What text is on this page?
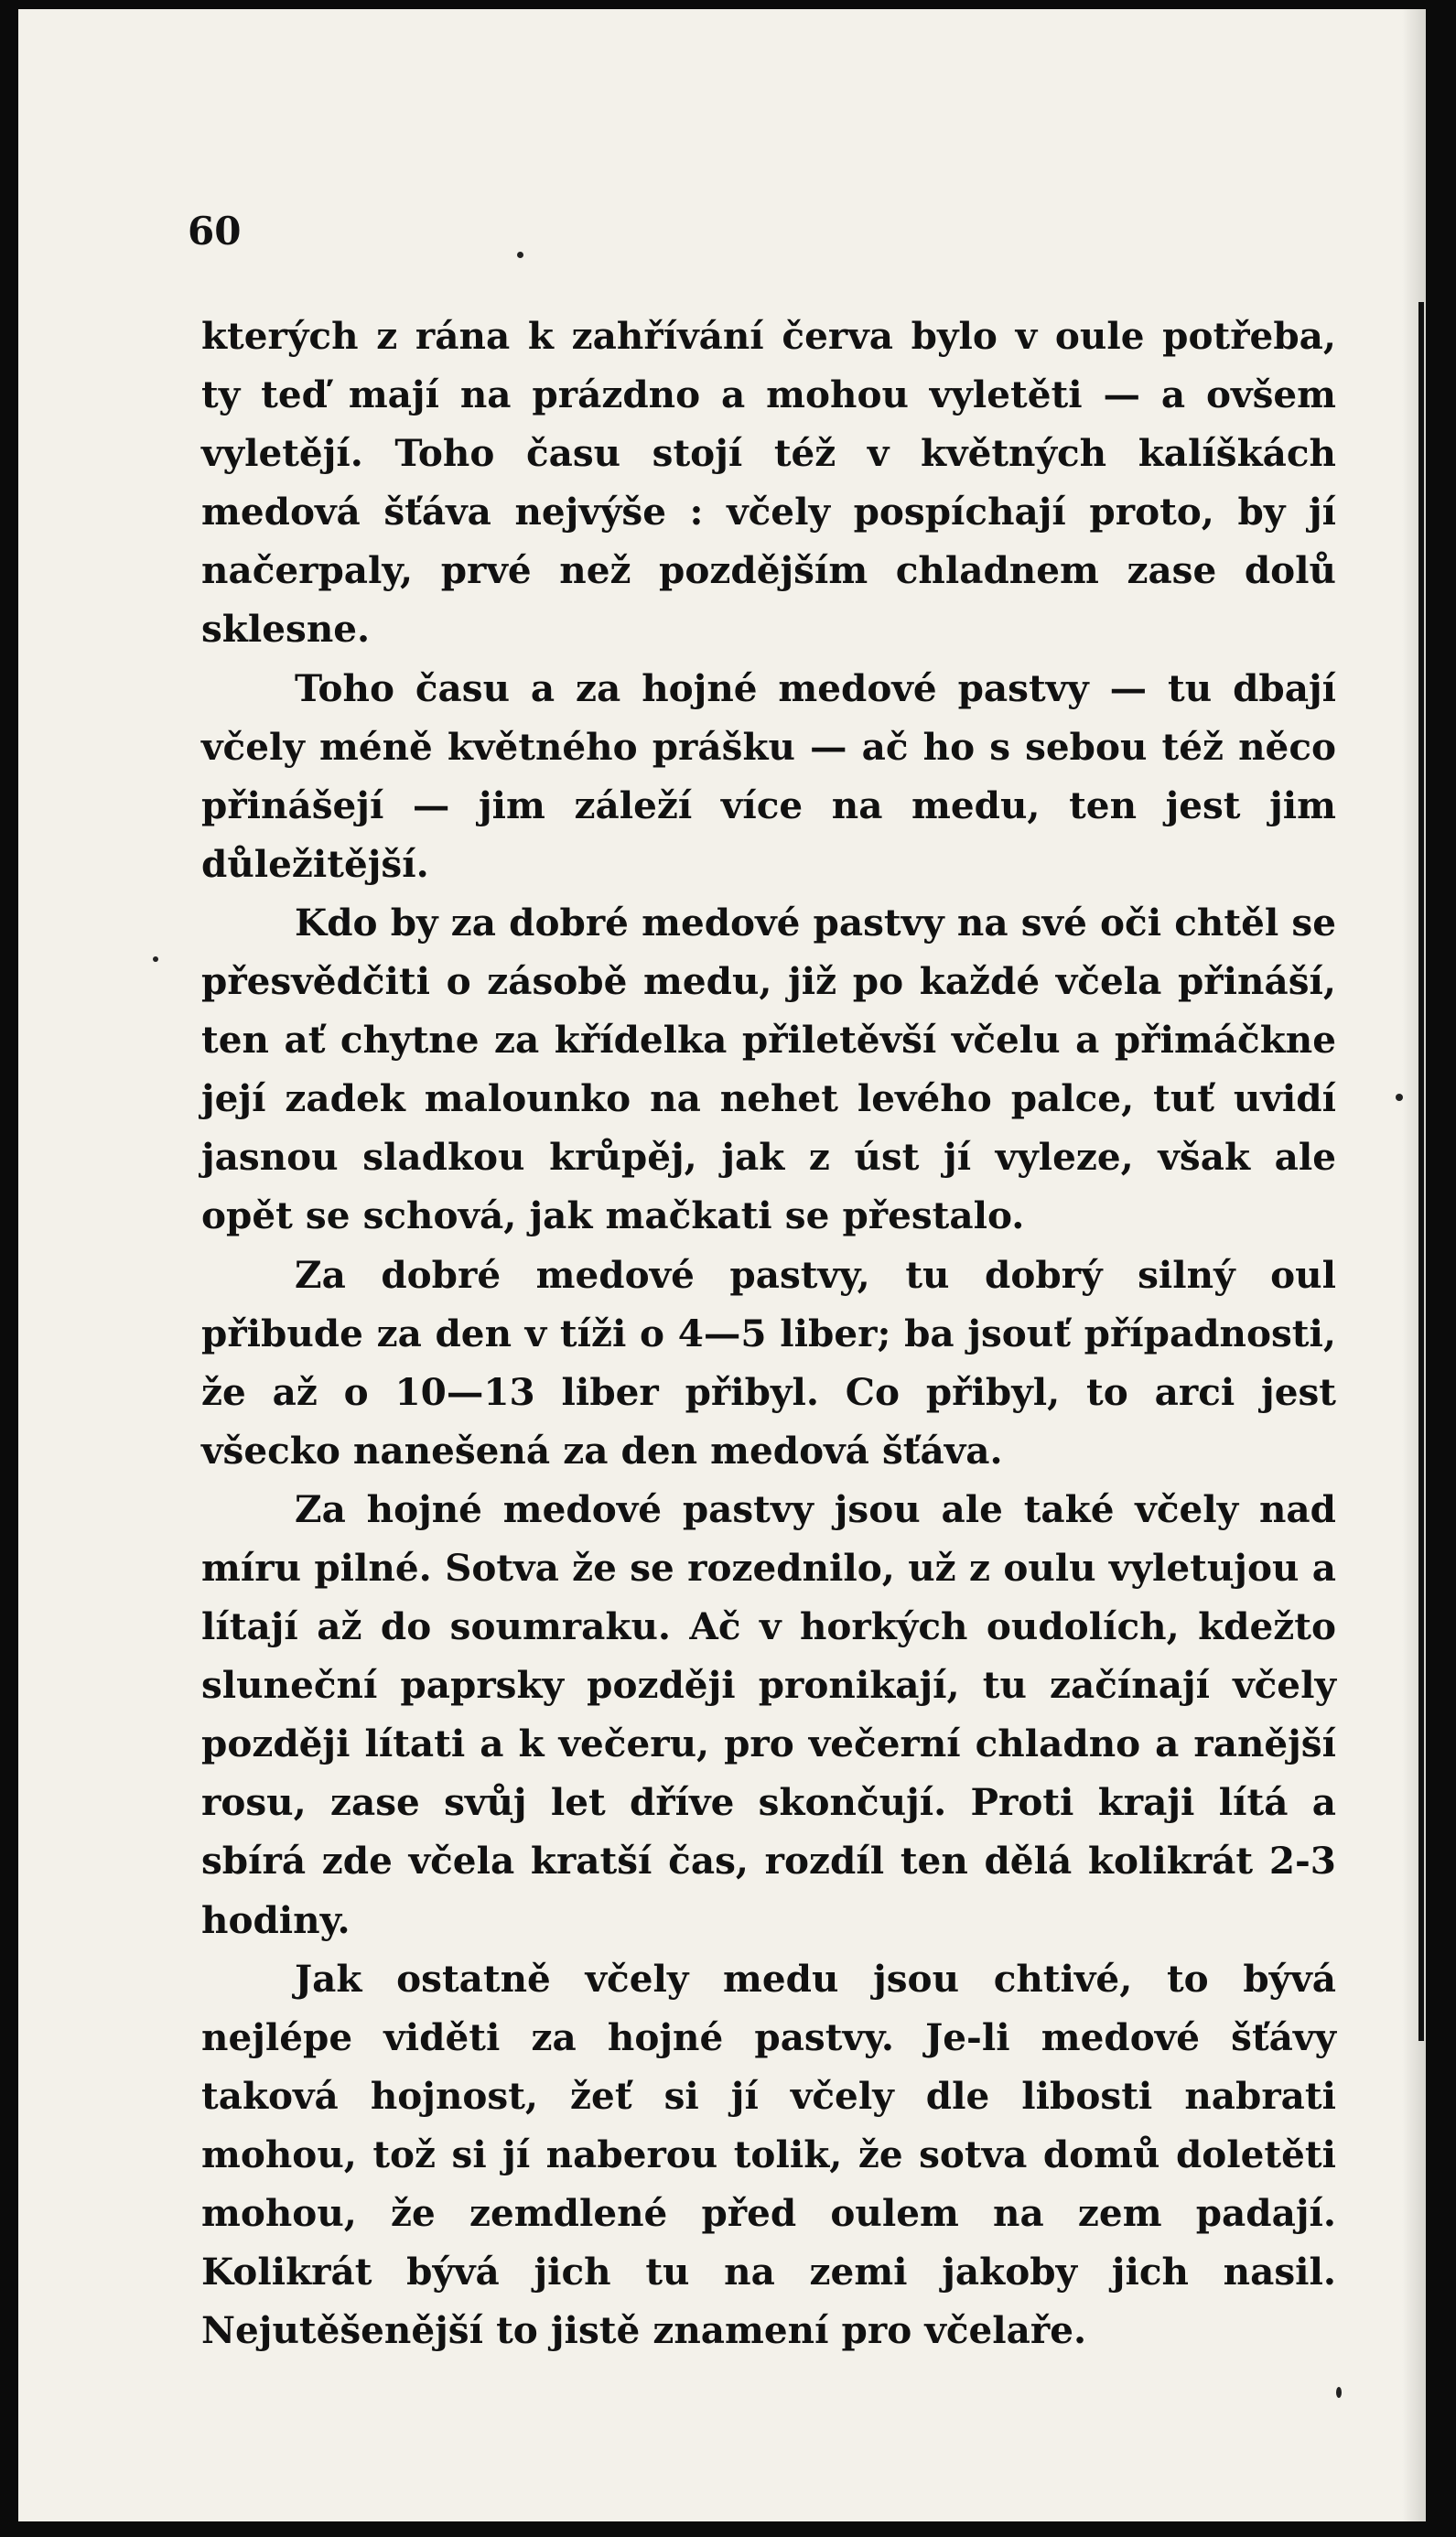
60

kterých z rána k zahřívání červa bylo v oule potřeba, ty teď mají na prázdno a mohou vyletěti — a ovšem vyletějí. Toho času stojí též v květných kalíškách medová šťáva nejvýše : včely pospíchají proto, by jí načerpaly, prvé než pozdějším chladnem zase dolů sklesne.

Toho času a za hojné medové pastvy — tu dbají včely méně květného prášku — ač ho s sebou též něco přinášejí — jim záleží více na medu, ten jest jim důležitější.

Kdo by za dobré medové pastvy na své oči chtěl se přesvědčiti o zásobě medu, již po každé včela přináší, ten ať chytne za křídelka přiletěvší včelu a přimáčkne její zadek malounko na nehet levého palce, tuť uvidí jasnou sladkou krůpěj, jak z úst jí vyleze, však ale opět se schová, jak mačkati se přestalo.

Za dobré medové pastvy, tu dobrý silný oul přibude za den v tíži o 4—5 liber; ba jsouť případnosti, že až o 10—13 liber přibyl. Co přibyl, to arci jest všecko nanešená za den medová šťáva.

Za hojné medové pastvy jsou ale také včely nad míru pilné. Sotva že se rozednilo, už z oulu vyletujou a lítají až do soumraku. Ač v horkých oudolích, kdežto sluneční paprsky později pronikají, tu začínají včely později lítati a k večeru, pro večerní chladno a ranější rosu, zase svůj let dříve skončují. Proti kraji lítá a sbírá zde včela kratší čas, rozdíl ten dělá kolikrát 2-3 hodiny.

Jak ostatně včely medu jsou chtivé, to bývá nejlépe viděti za hojné pastvy. Je-li medové šťávy taková hojnost, žeť si jí včely dle libosti nabrati mohou, tož si jí naberou tolik, že sotva domů doletěti mohou, že zemdlené před oulem na zem padají. Kolikrát bývá jich tu na zemi jakoby jich nasil. Nejutěšenější to jistě znamení pro včelaře.
